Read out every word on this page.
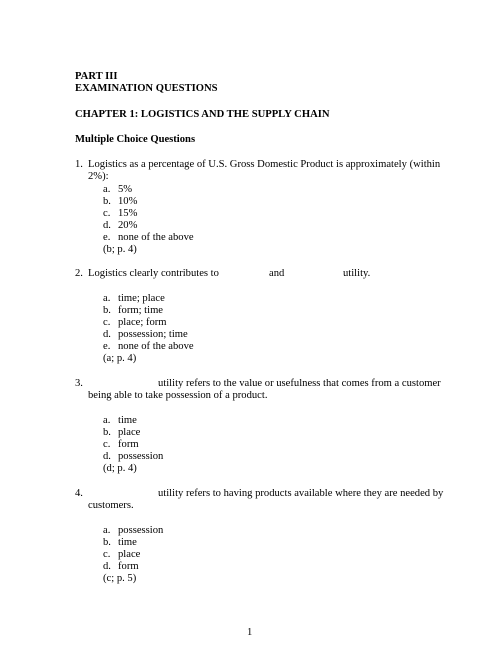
PART III
EXAMINATION QUESTIONS
CHAPTER 1: LOGISTICS AND THE SUPPLY CHAIN
Multiple Choice Questions
1. Logistics as a percentage of U.S. Gross Domestic Product is approximately (within
2%):
a. 5%
b. 10%
c. 15%
d. 20%
e. none of the above
(b; p. 4)
2. Logistics clearly contributes to	and	utility.
a. time; place
b. form; time
c. place; form
d. possession; time
e. none of the above
(a; p. 4)
3.	utility refers to the value or usefulness that comes from a customer
being able to take possession of a product.
a. time
b. place
c. form
d. possession
(d; p. 4)
4.	utility refers to having products available where they are needed by
customers.
a. possession
b. time
c. place
d. form
(c; p. 5)
1
